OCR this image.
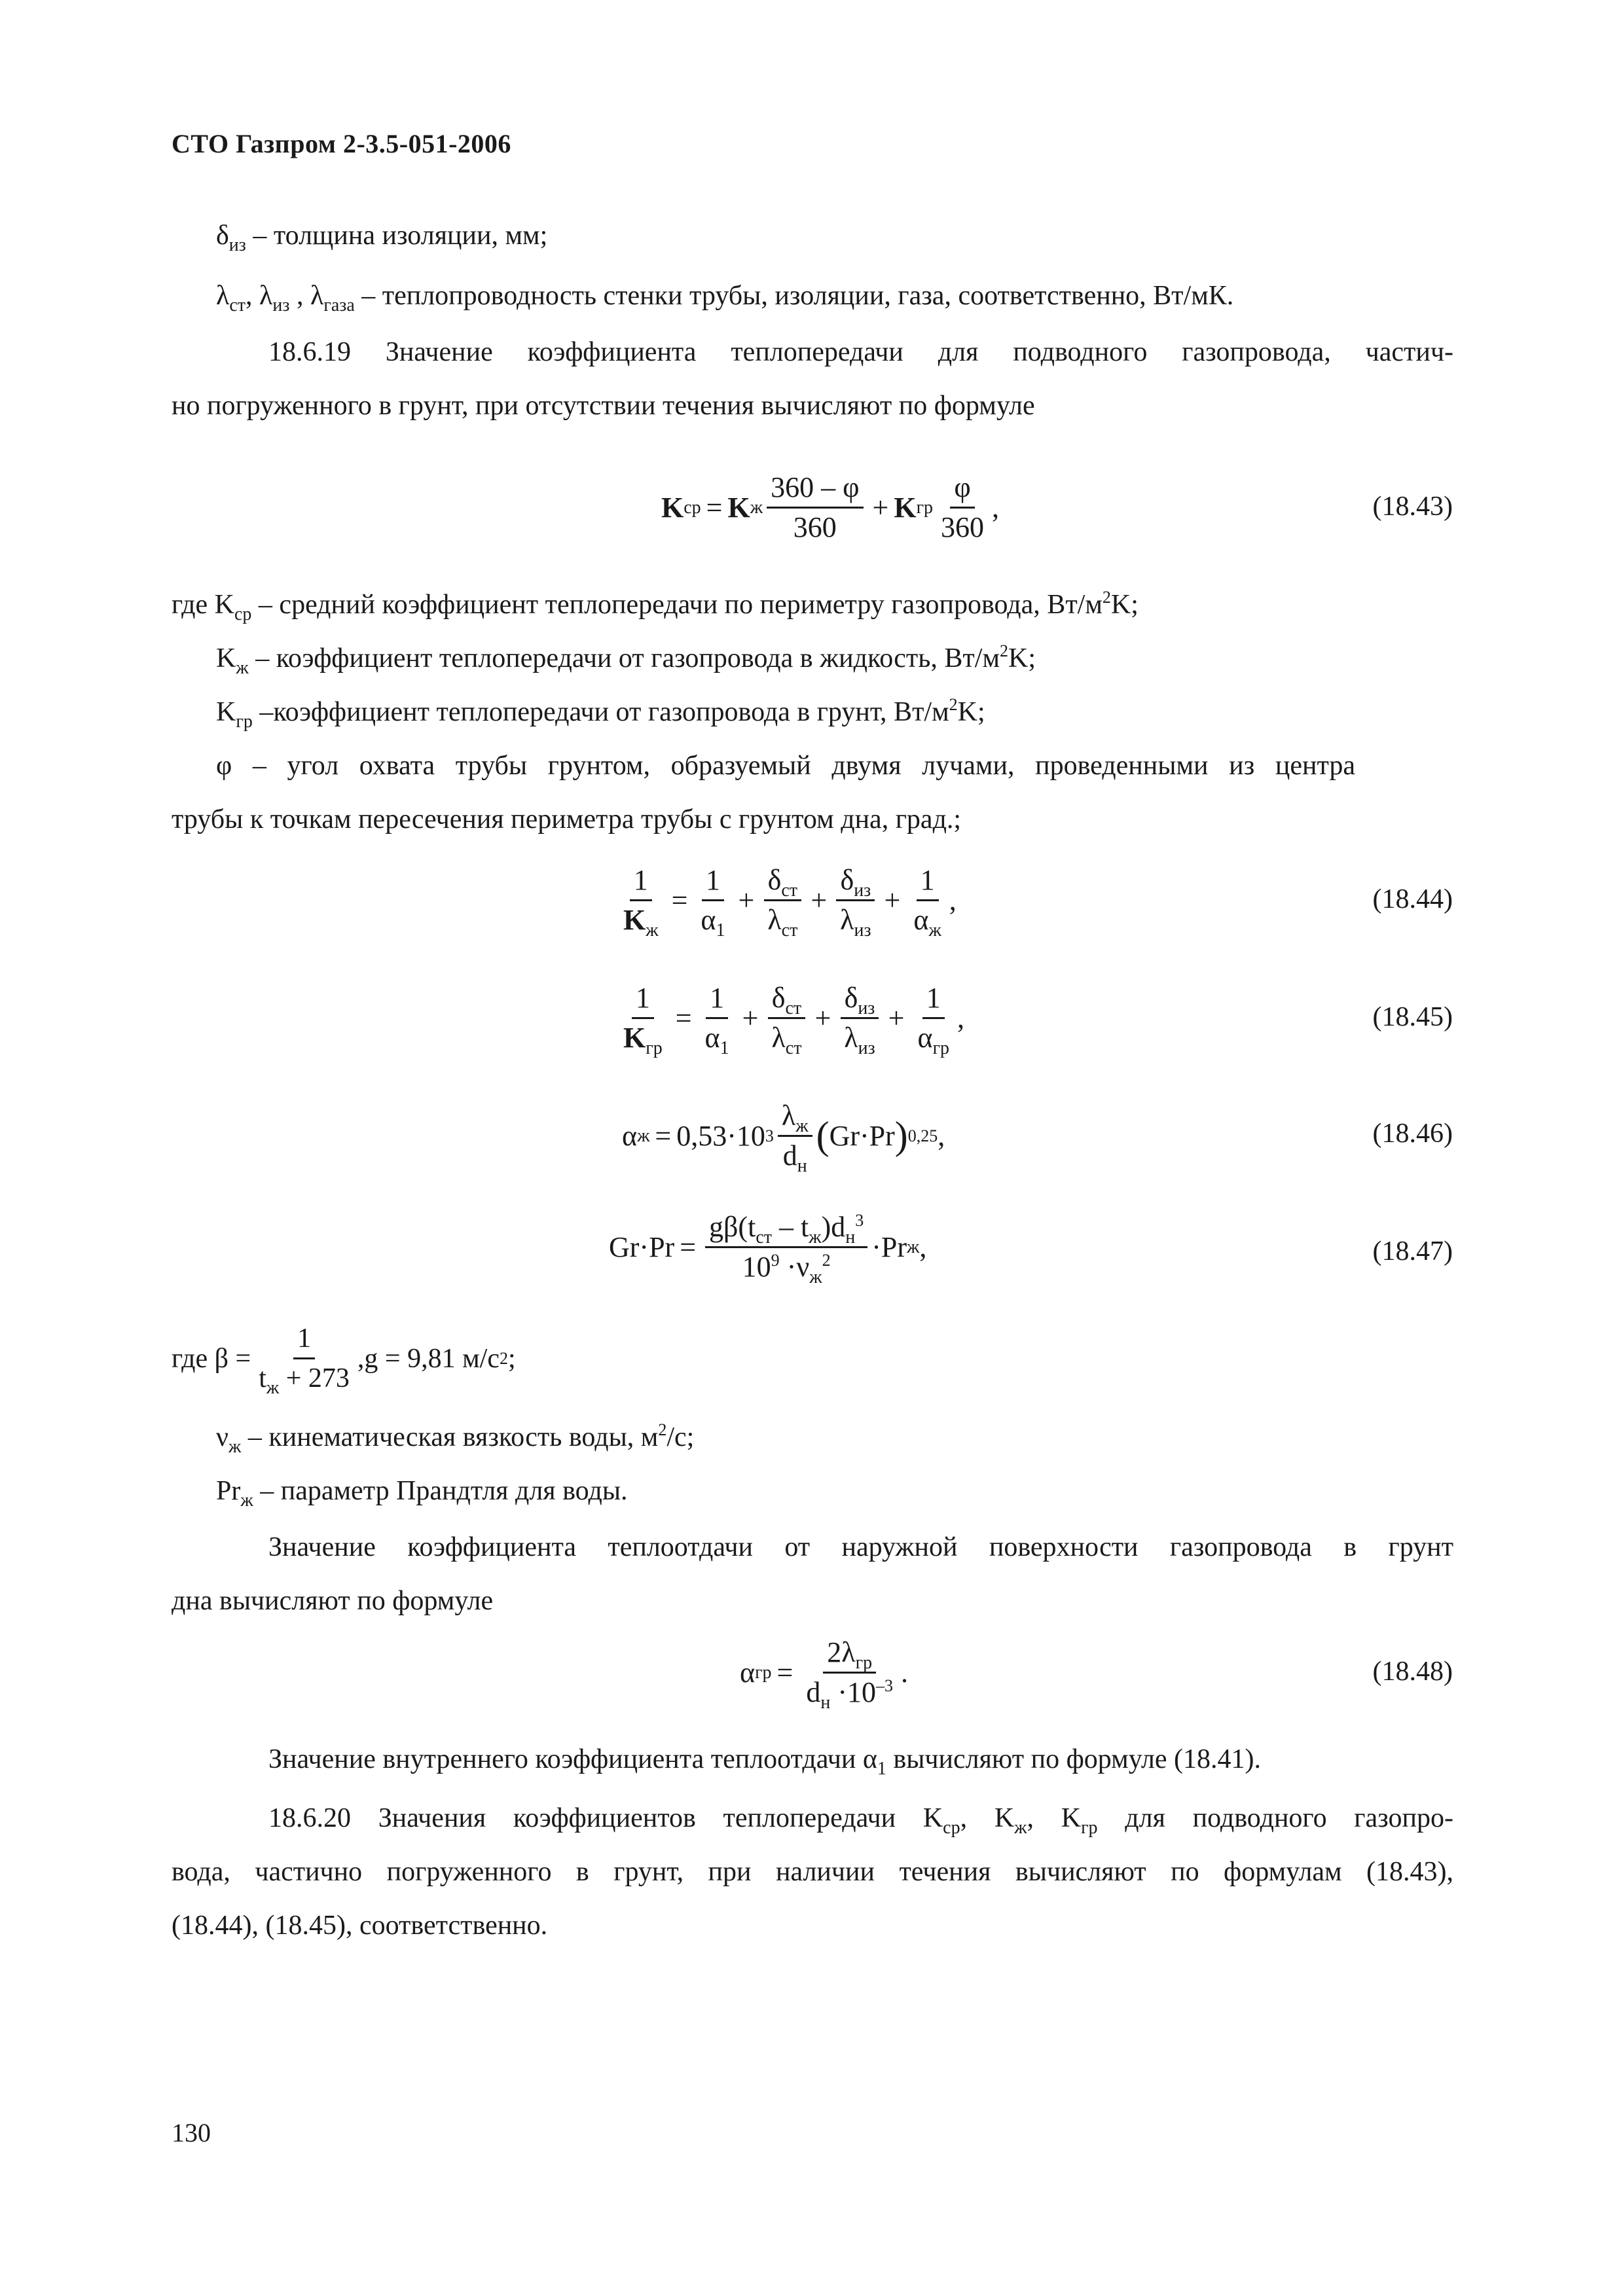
СТО Газпром 2-3.5-051-2006
$\delta_{из}$ – толщина изоляции, мм;
$\lambda_{ст}$, $\lambda_{из}$ , $\lambda_{газа}$ – теплопроводность стенки трубы, изоляции, газа, соответственно, Вт/мК.
18.6.19 Значение коэффициента теплопередачи для подводного газопровода, частич-
но погруженного в грунт, при отсутствии течения вычисляют по формуле
K ср = K ж $\frac{360 - \varphi}{360} + K$ гр $\frac{\varphi}{360}$ ,	(18.43)
где $K_{ср}$ – средний коэффициент теплопередачи по периметру газопровода, $Вт/м^2K$;
$K_ж$ – коэффициент теплопередачи от газопровода в жидкость, $Вт/м^2K$;
$K_{гр}$ –коэффициент теплопередачи от газопровода в грунт, $Вт/м^2K$;
φ – угол охвата трубы грунтом, образуемый двумя лучами, проведенными из центра
трубы к точкам пересечения периметра трубы с грунтом дна, град.;
$\frac{1}{K_ж} = \frac{1}{\alpha_1} + \frac{\delta_{ст}}{\lambda_{ст}} + \frac{\delta_{из}}{\lambda_{из}} + \frac{1}{\alpha_ж}$ ,	(18.44)
$\frac{1}{K_{гр}} = \frac{1}{\alpha_1} + \frac{\delta_{ст}}{\lambda_{ст}} + \frac{\delta_{из}}{\lambda_{из}} + \frac{1}{\alpha_{гр}}$ ,	(18.45)
α ж = 0,53·10 $3 \frac{\lambda_ж}{d_н}$ ( Gr·Pr ) 0,25 ,	(18.46)
$Gr\cdot Pr = \frac{g\beta(t_{ст} - t_ж)d_н^3}{10^9 \cdot\nu_ж^2} \cdot Pr$ ж ,	(18.47)
где $\beta = \frac{1}{t_ж + 273}$ , g = 9,81 м/с 2 ;
$\nu_ж$ – кинематическая вязкость воды, $м^2/с$;
$Pr_ж$ – параметр Прандтля для воды.
Значение коэффициента теплоотдачи от наружной поверхности газопровода в грунт
дна вычисляют по формуле
α гр = $\frac{2\lambda_{гр}}{d_н \cdot 10^{-3}}$ .	(18.48)
Значение внутреннего коэффициента теплоотдачи $\alpha_1$ вычисляют по формуле (18.41).
18.6.20 Значения коэффициентов теплопередачи $K_{ср}$, $K_ж$, $K_{гр}$ для подводного газопро-
вода, частично погруженного в грунт, при наличии течения вычисляют по формулам (18.43),
(18.44), (18.45), соответственно.
130
